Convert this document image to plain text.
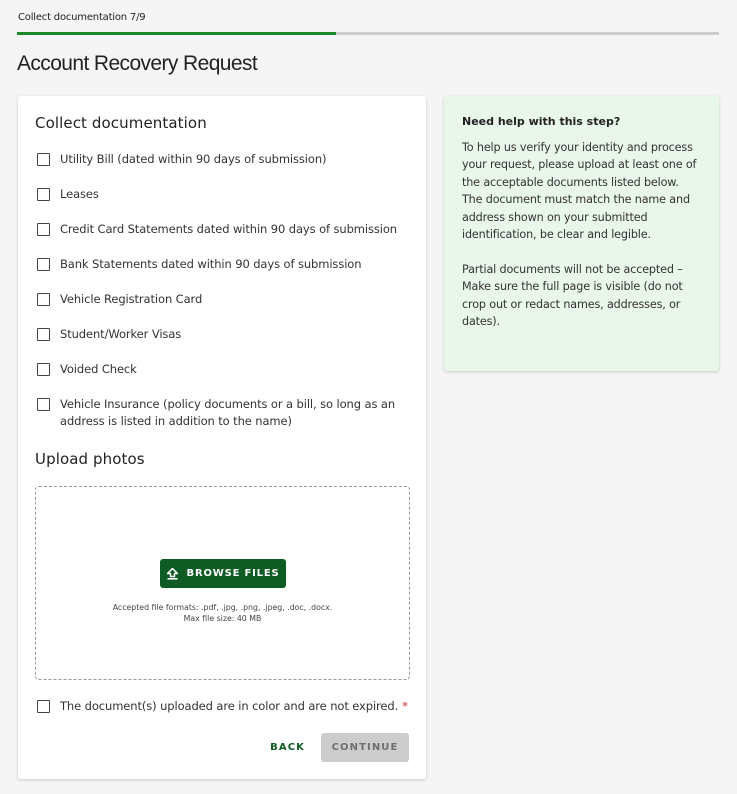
Collect documentation 7/9
Account Recovery Request
Collect documentation
Utility Bill (dated within 90 days of submission)
Leases
Credit Card Statements dated within 90 days of submission
Bank Statements dated within 90 days of submission
Vehicle Registration Card
Student/Worker Visas
Voided Check
Vehicle Insurance (policy documents or a bill, so long as an address is listed in addition to the name)
Upload photos
BROWSE FILES
Accepted file formats: .pdf, .jpg, .png, .jpeg, .doc, .docx.
Max file size: 40 MB
The document(s) uploaded are in color and are not expired. *
BACK	CONTINUE
Need help with this step?

To help us verify your identity and process your request, please upload at least one of the acceptable documents listed below. The document must match the name and address shown on your submitted identification, be clear and legible.

Partial documents will not be accepted – Make sure the full page is visible (do not crop out or redact names, addresses, or dates).
